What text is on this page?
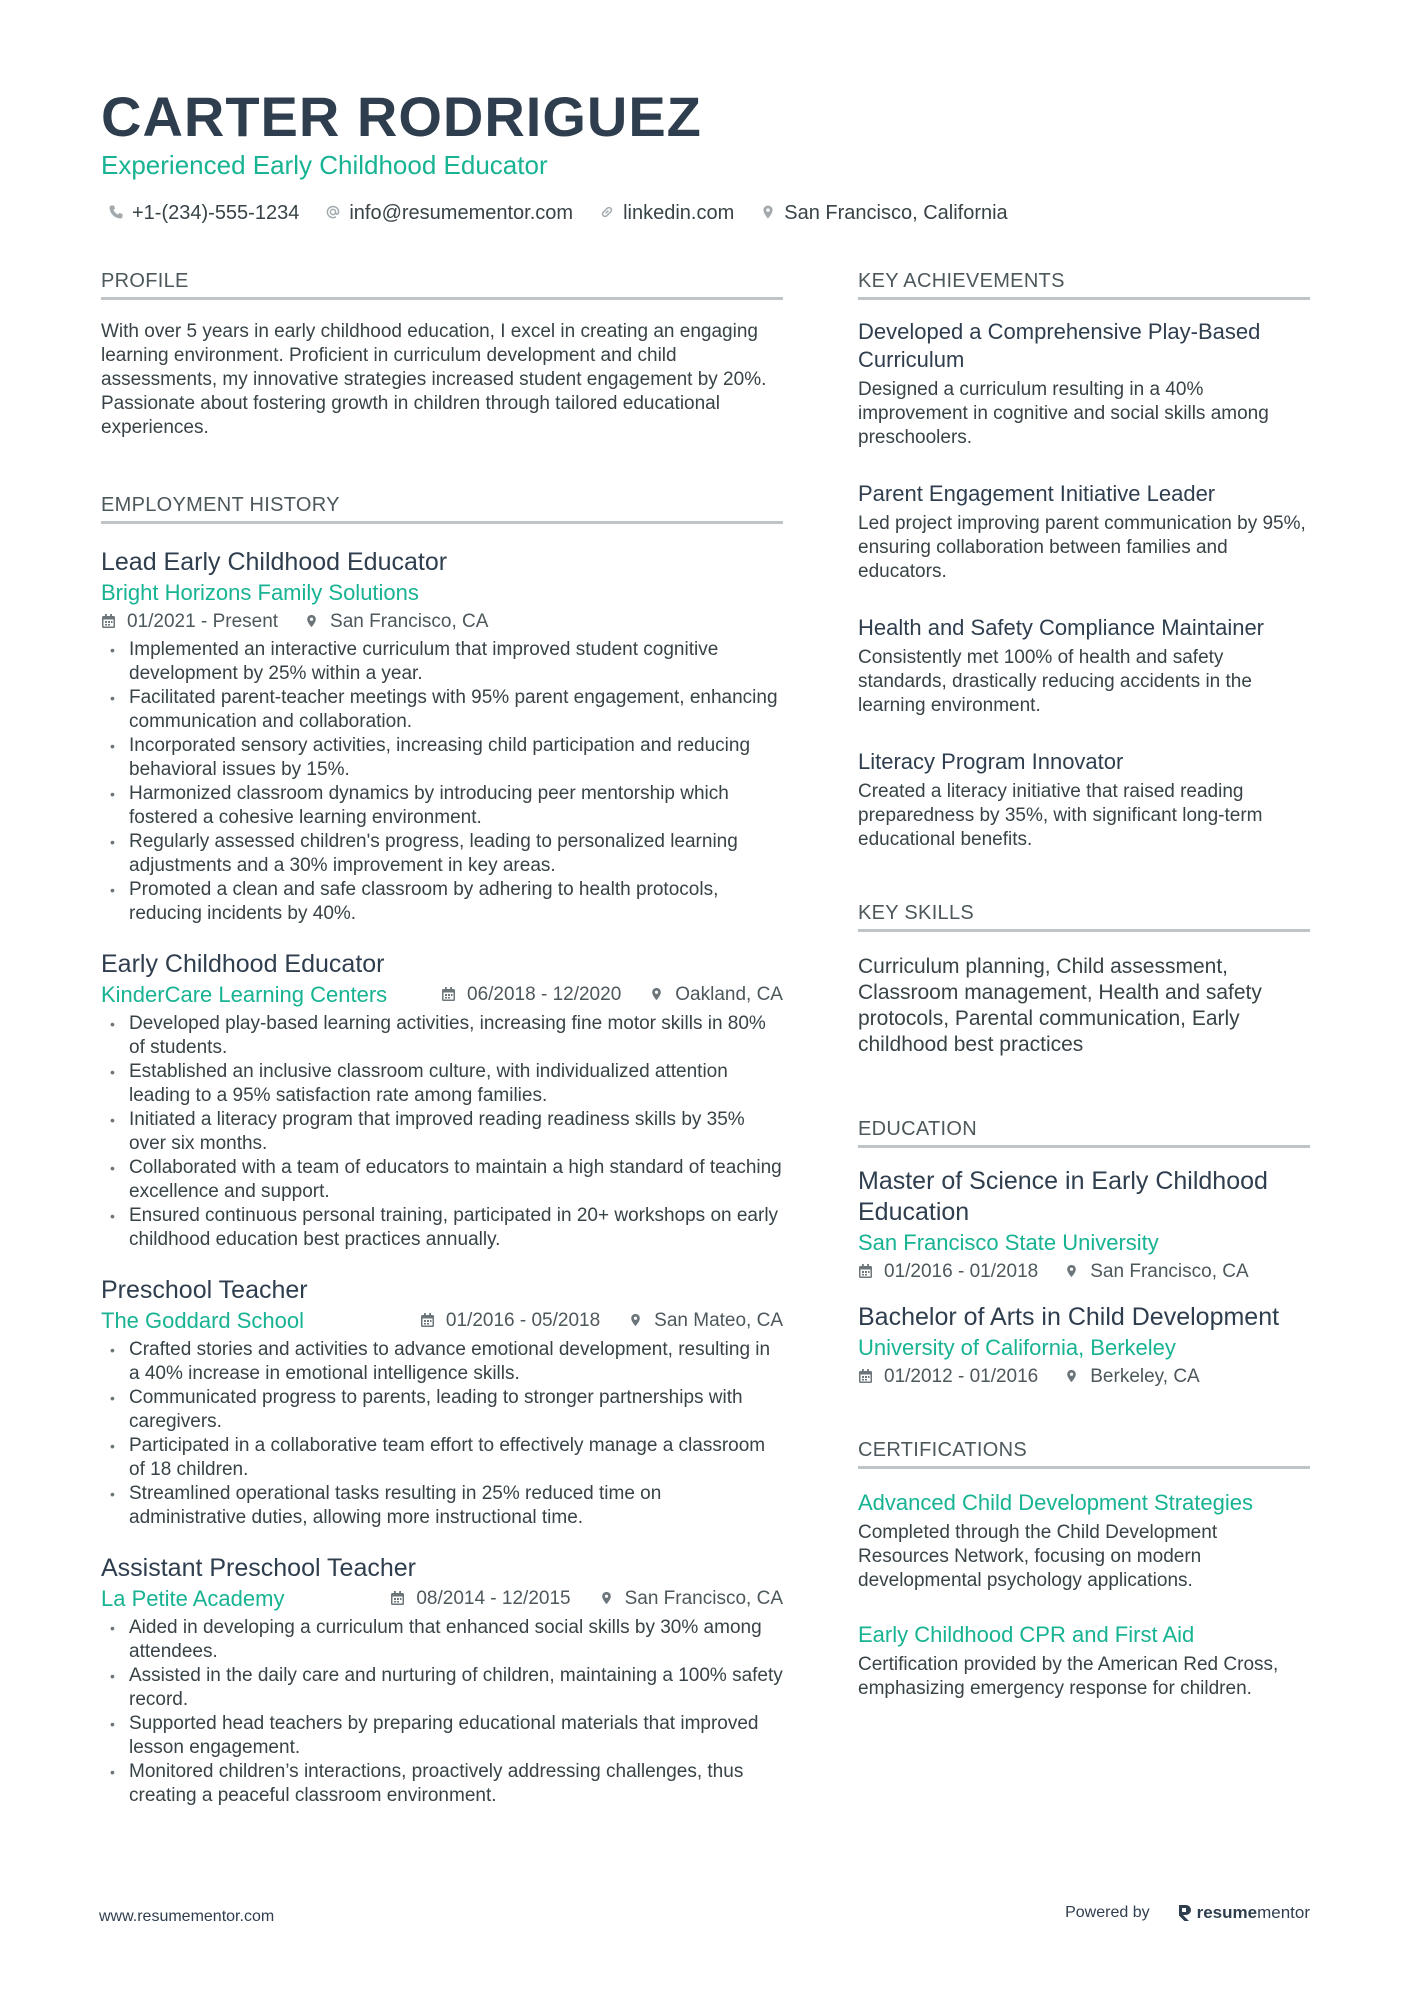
CARTER RODRIGUEZ
Experienced Early Childhood Educator
+1-(234)-555-1234	info@resumementor.com	linkedin.com	San Francisco, California
PROFILE

With over 5 years in early childhood education, I excel in creating an engaging learning environment. Proficient in curriculum development and child assessments, my innovative strategies increased student engagement by 20%. Passionate about fostering growth in children through tailored educational experiences.

EMPLOYMENT HISTORY
Lead Early Childhood Educator
Bright Horizons Family Solutions
01/2021 - Present	San Francisco, CA
• Implemented an interactive curriculum that improved student cognitive development by 25% within a year.
• Facilitated parent-teacher meetings with 95% parent engagement, enhancing communication and collaboration.
• Incorporated sensory activities, increasing child participation and reducing behavioral issues by 15%.
• Harmonized classroom dynamics by introducing peer mentorship which fostered a cohesive learning environment.
• Regularly assessed children's progress, leading to personalized learning adjustments and a 30% improvement in key areas.
• Promoted a clean and safe classroom by adhering to health protocols, reducing incidents by 40%.
Early Childhood Educator
KinderCare Learning Centers	06/2018 - 12/2020	Oakland, CA
• Developed play-based learning activities, increasing fine motor skills in 80% of students.
• Established an inclusive classroom culture, with individualized attention leading to a 95% satisfaction rate among families.
• Initiated a literacy program that improved reading readiness skills by 35% over six months.
• Collaborated with a team of educators to maintain a high standard of teaching excellence and support.
• Ensured continuous personal training, participated in 20+ workshops on early childhood education best practices annually.
Preschool Teacher
The Goddard School	01/2016 - 05/2018	San Mateo, CA
• Crafted stories and activities to advance emotional development, resulting in a 40% increase in emotional intelligence skills.
• Communicated progress to parents, leading to stronger partnerships with caregivers.
• Participated in a collaborative team effort to effectively manage a classroom of 18 children.
• Streamlined operational tasks resulting in 25% reduced time on administrative duties, allowing more instructional time.
Assistant Preschool Teacher
La Petite Academy	08/2014 - 12/2015	San Francisco, CA
• Aided in developing a curriculum that enhanced social skills by 30% among attendees.
• Assisted in the daily care and nurturing of children, maintaining a 100% safety record.
• Supported head teachers by preparing educational materials that improved lesson engagement.
• Monitored children’s interactions, proactively addressing challenges, thus creating a peaceful classroom environment.
KEY ACHIEVEMENTS
Developed a Comprehensive Play-Based Curriculum
Designed a curriculum resulting in a 40% improvement in cognitive and social skills among preschoolers.
Parent Engagement Initiative Leader
Led project improving parent communication by 95%, ensuring collaboration between families and educators.
Health and Safety Compliance Maintainer
Consistently met 100% of health and safety standards, drastically reducing accidents in the learning environment.
Literacy Program Innovator
Created a literacy initiative that raised reading preparedness by 35%, with significant long-term educational benefits.
KEY SKILLS

Curriculum planning, Child assessment, Classroom management, Health and safety protocols, Parental communication, Early childhood best practices

EDUCATION
Master of Science in Early Childhood Education
San Francisco State University
01/2016 - 01/2018	San Francisco, CA
Bachelor of Arts in Child Development
University of California, Berkeley
01/2012 - 01/2016	Berkeley, CA
CERTIFICATIONS
Advanced Child Development Strategies
Completed through the Child Development Resources Network, focusing on modern developmental psychology applications.
Early Childhood CPR and First Aid
Certification provided by the American Red Cross, emphasizing emergency response for children.
www.resumementor.com	Powered by	resume mentor
